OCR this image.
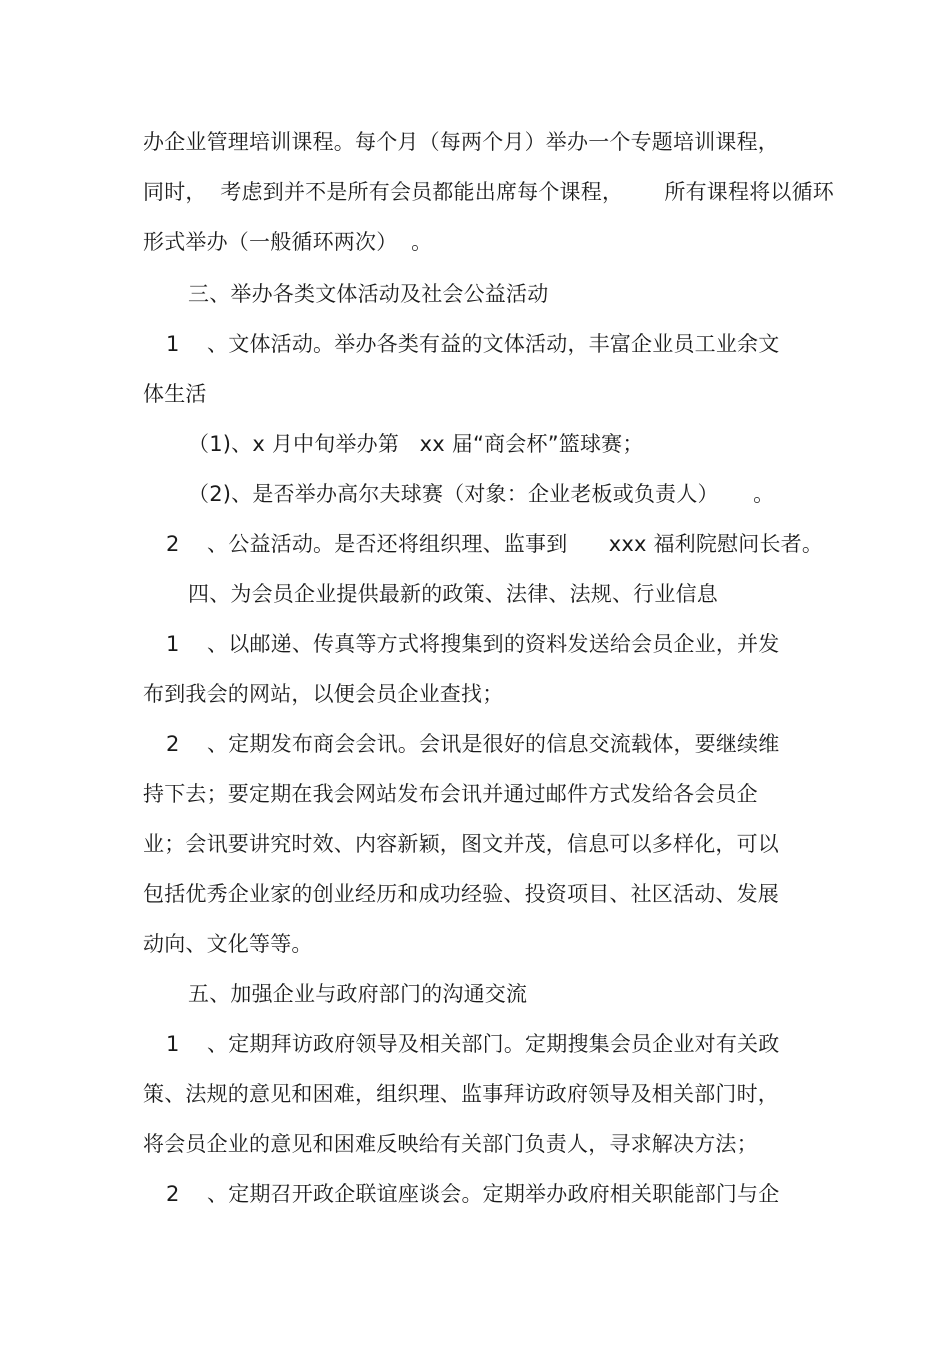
办企业管理培训课程。每个月（每两个月）举办一个专题培训课程，
同时，  考虑到并不是所有会员都能出席每个课程，      所有课程将以循环
形式举办（一般循环两次）  。
三、举办各类文体活动及社会公益活动
1    、文体活动。举办各类有益的文体活动，丰富企业员工业余文
体生活
（1)、x 月中旬举办第   xx 届“商会杯”篮球赛；
（2)、是否举办高尔夫球赛（对象：企业老板或负责人）     。
2    、公益活动。是否还将组织理、监事到      xxx 福利院慰问长者。
四、为会员企业提供最新的政策、法律、法规、行业信息
1    、以邮递、传真等方式将搜集到的资料发送给会员企业，并发
布到我会的网站，以便会员企业查找；
2    、定期发布商会会讯。会讯是很好的信息交流载体，要继续维
持下去；要定期在我会网站发布会讯并通过邮件方式发给各会员企
业；会讯要讲究时效、内容新颖，图文并茂，信息可以多样化，可以
包括优秀企业家的创业经历和成功经验、投资项目、社区活动、发展
动向、文化等等。
五、加强企业与政府部门的沟通交流
1    、定期拜访政府领导及相关部门。定期搜集会员企业对有关政
策、法规的意见和困难，组织理、监事拜访政府领导及相关部门时，
将会员企业的意见和困难反映给有关部门负责人，寻求解决方法；
2    、定期召开政企联谊座谈会。定期举办政府相关职能部门与企
